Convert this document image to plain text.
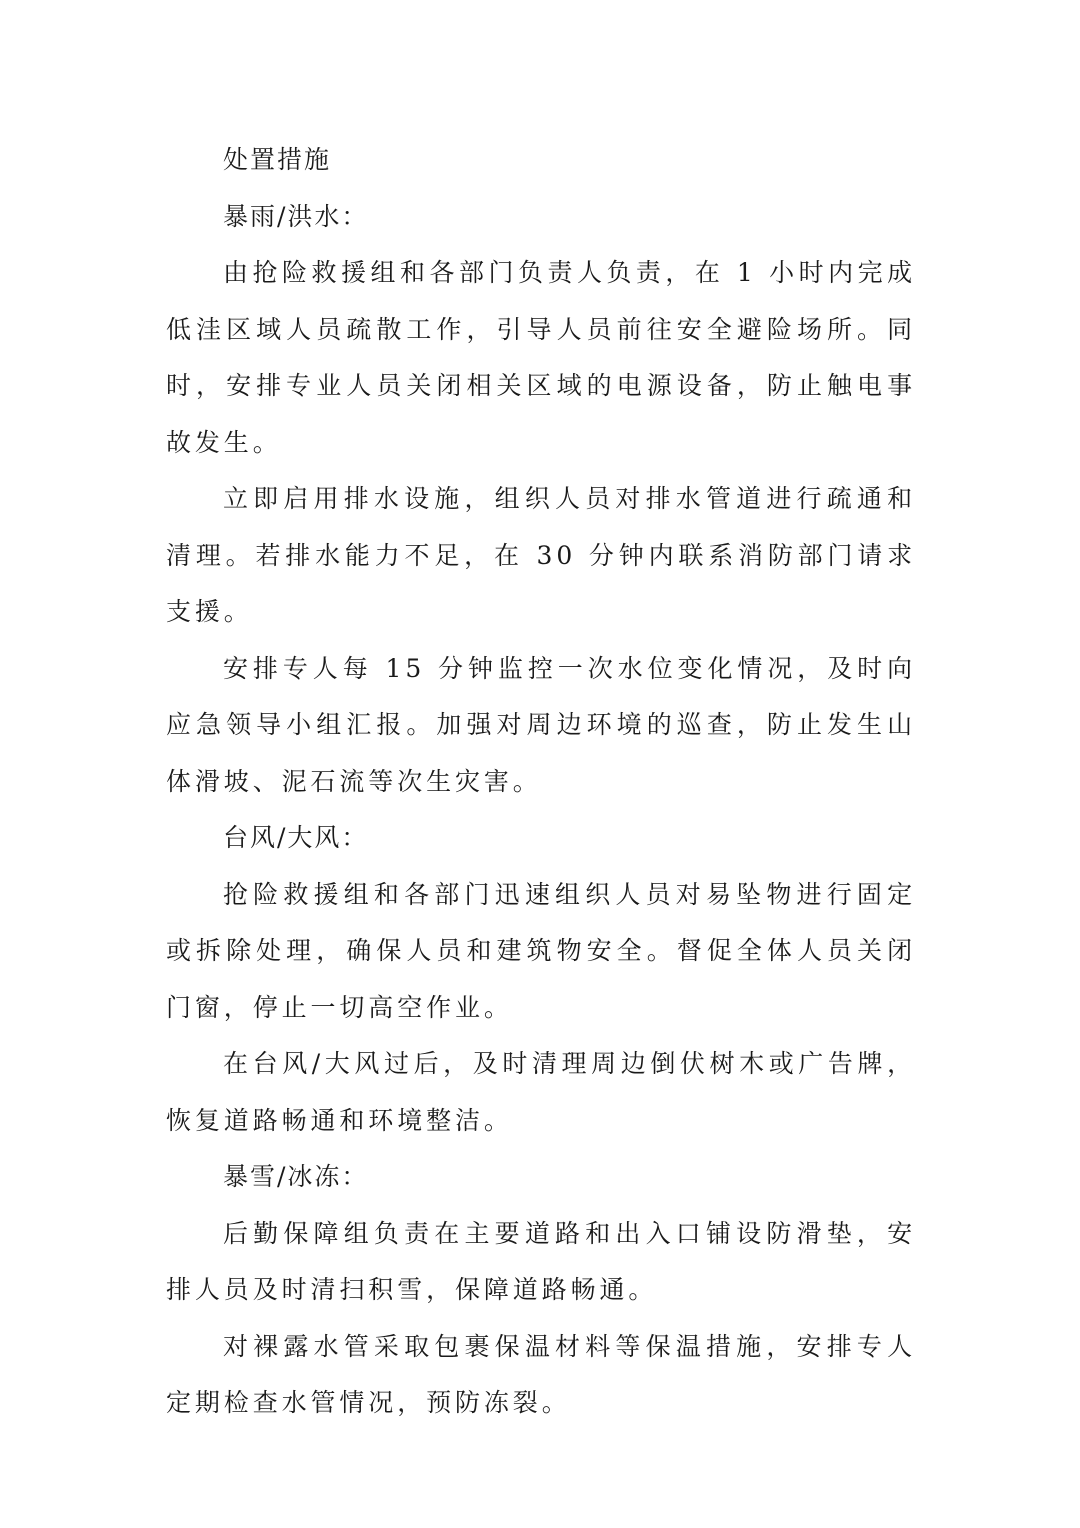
处置措施

暴雨/洪水：

由抢险救援组和各部门负责人负责，在 1 小时内完成低洼区域人员疏散工作，引导人员前往安全避险场所。同时，安排专业人员关闭相关区域的电源设备，防止触电事故发生。

立即启用排水设施，组织人员对排水管道进行疏通和清理。若排水能力不足，在 30 分钟内联系消防部门请求支援。

安排专人每 15 分钟监控一次水位变化情况，及时向应急领导小组汇报。加强对周边环境的巡查，防止发生山体滑坡、泥石流等次生灾害。

台风/大风：

抢险救援组和各部门迅速组织人员对易坠物进行固定或拆除处理，确保人员和建筑物安全。督促全体人员关闭门窗，停止一切高空作业。

在台风/大风过后，及时清理周边倒伏树木或广告牌，恢复道路畅通和环境整洁。

暴雪/冰冻：

后勤保障组负责在主要道路和出入口铺设防滑垫，安排人员及时清扫积雪，保障道路畅通。

对裸露水管采取包裹保温材料等保温措施，安排专人定期检查水管情况，预防冻裂。
